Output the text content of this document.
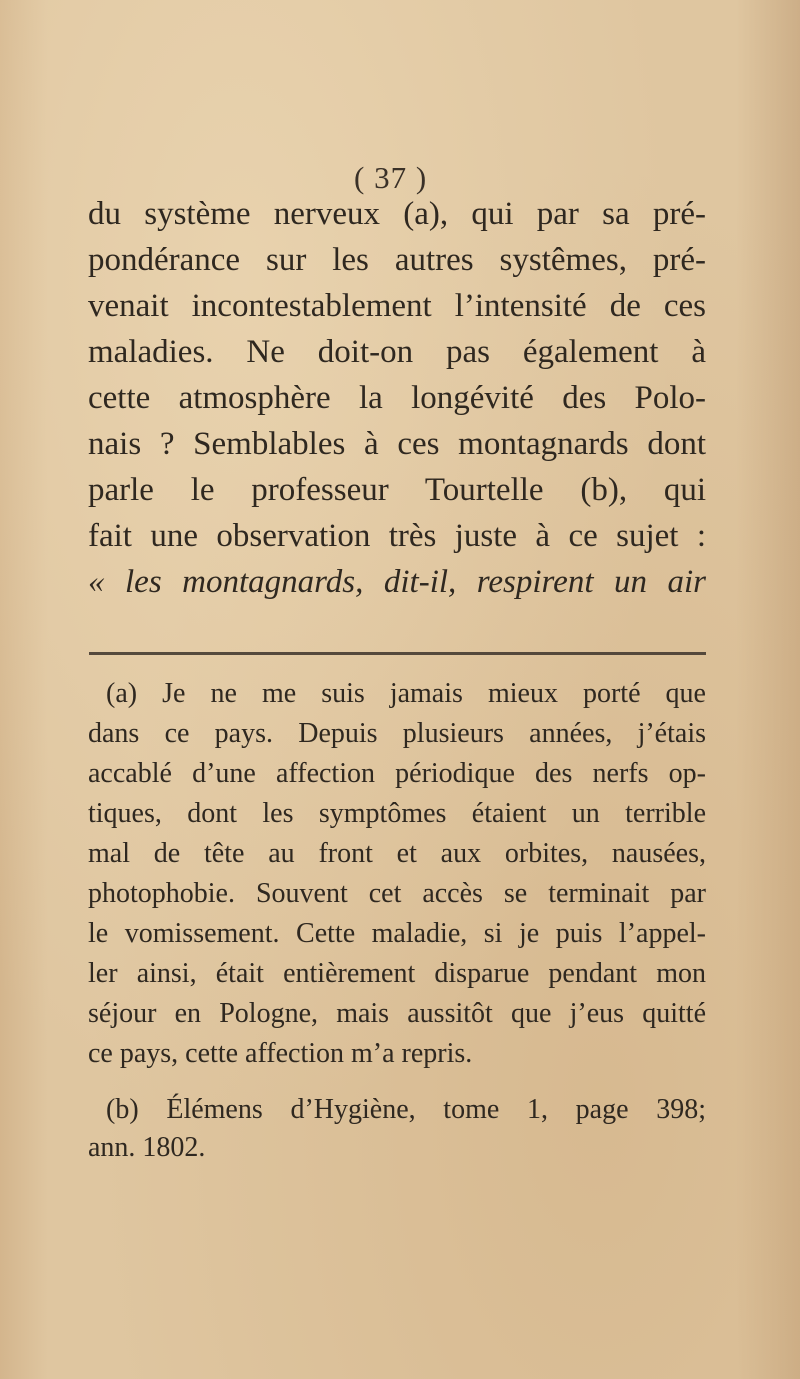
( 37 )
du système nerveux (a), qui par sa pré-
pondérance sur les autres systêmes, pré-
venait incontestablement l’intensité de ces
maladies. Ne doit-on pas également à
cette atmosphère la longévité des Polo-
nais ? Semblables à ces montagnards dont
parle le professeur Tourtelle (b), qui
fait une observation très juste à ce sujet :
« les montagnards, dit-il, respirent un air
(a) Je ne me suis jamais mieux porté que
dans ce pays. Depuis plusieurs années, j’étais
accablé d’une affection périodique des nerfs op-
tiques, dont les symptômes étaient un terrible
mal de tête au front et aux orbites, nausées,
photophobie. Souvent cet accès se terminait par
le vomissement. Cette maladie, si je puis l’appel-
ler ainsi, était entièrement disparue pendant mon
séjour en Pologne, mais aussitôt que j’eus quitté
ce pays, cette affection m’a repris.
(b) Élémens d’Hygiène, tome 1, page 398;
ann. 1802.
